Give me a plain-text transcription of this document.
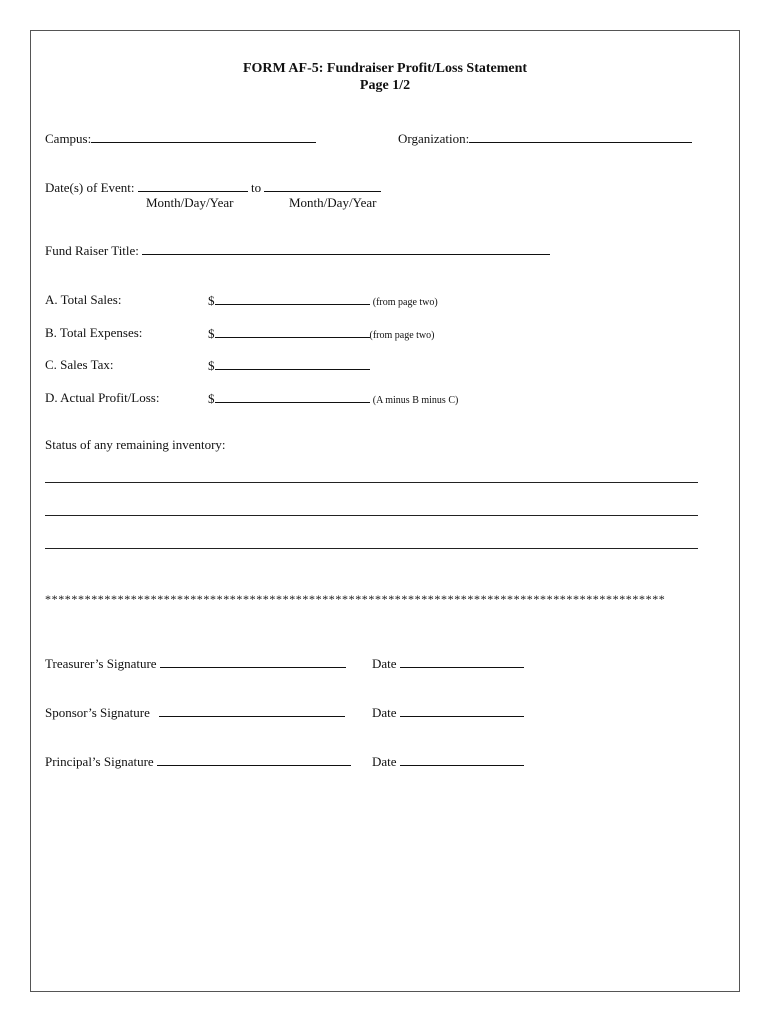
FORM AF-5: Fundraiser Profit/Loss Statement
Page 1/2
Campus:	Organization:
Date(s) of Event:	to
Month/Day/Year	Month/Day/Year
Fund Raiser Title:
A. Total Sales:	$	(from page two)
B. Total Expenses:	$	(from page two)
C. Sales Tax:	$
D. Actual Profit/Loss:	$	(A minus B minus C)
Status of any remaining inventory:
**********************************************************************************************
Treasurer’s Signature	Date
Sponsor’s Signature	Date
Principal’s Signature	Date
